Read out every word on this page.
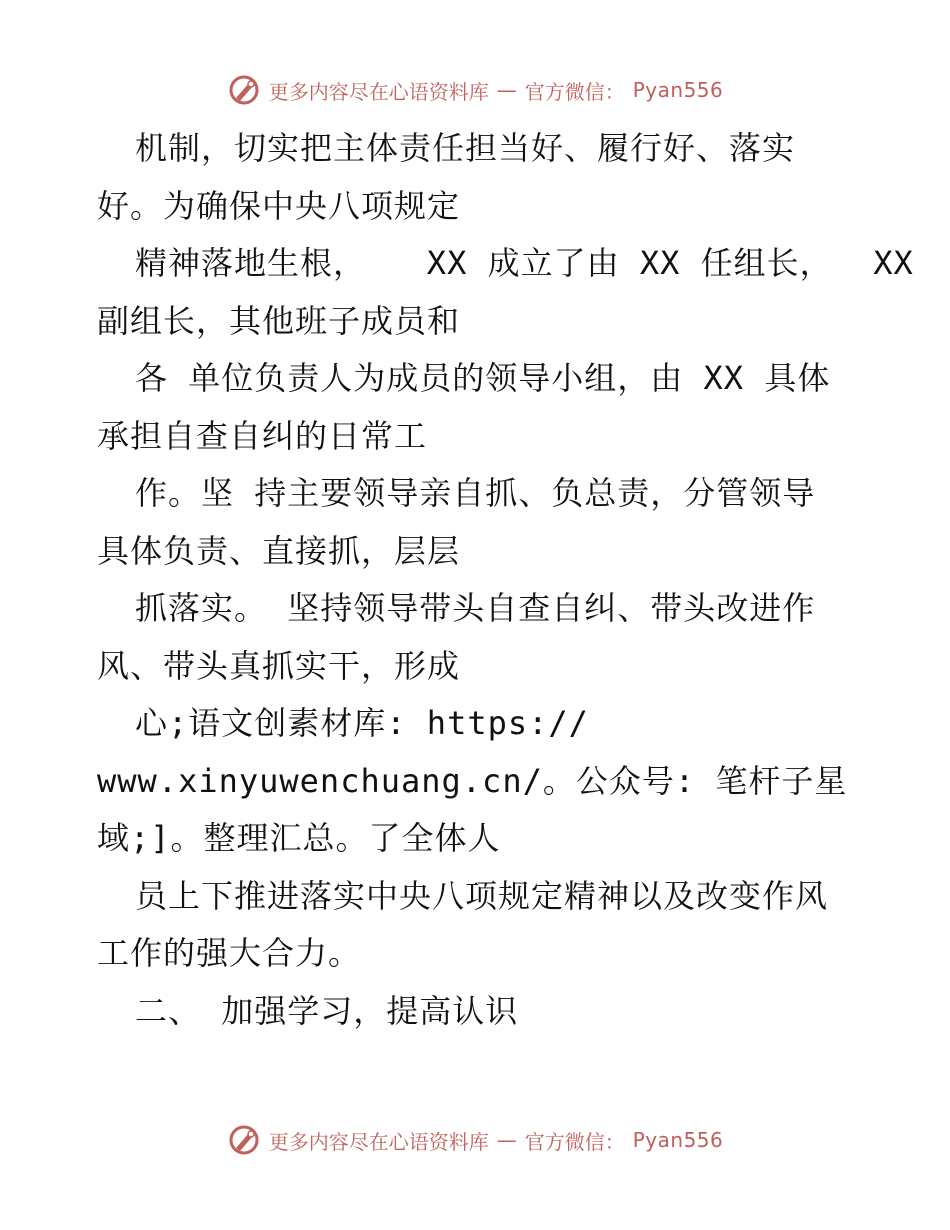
更多内容尽在心语资料库 — 官方微信： Pyan556
机制，切实把主体责任担当好、履行好、落实
好。为确保中央八项规定
精神落地生根，   XX 成立了由 XX 任组长，  XX
副组长，其他班子成员和
各 单位负责人为成员的领导小组，由 XX 具体
承担自查自纠的日常工
作。坚 持主要领导亲自抓、负总责，分管领导
具体负责、直接抓，层层
抓落实。 坚持领导带头自查自纠、带头改进作
风、带头真抓实干，形成
心;语文创素材库: https://
www.xinyuwenchuang.cn/。公众号: 笔杆子星
域;]。整理汇总。了全体人
员上下推进落实中央八项规定精神以及改变作风
工作的强大合力。
二、 加强学习，提高认识
更多内容尽在心语资料库 — 官方微信： Pyan556
